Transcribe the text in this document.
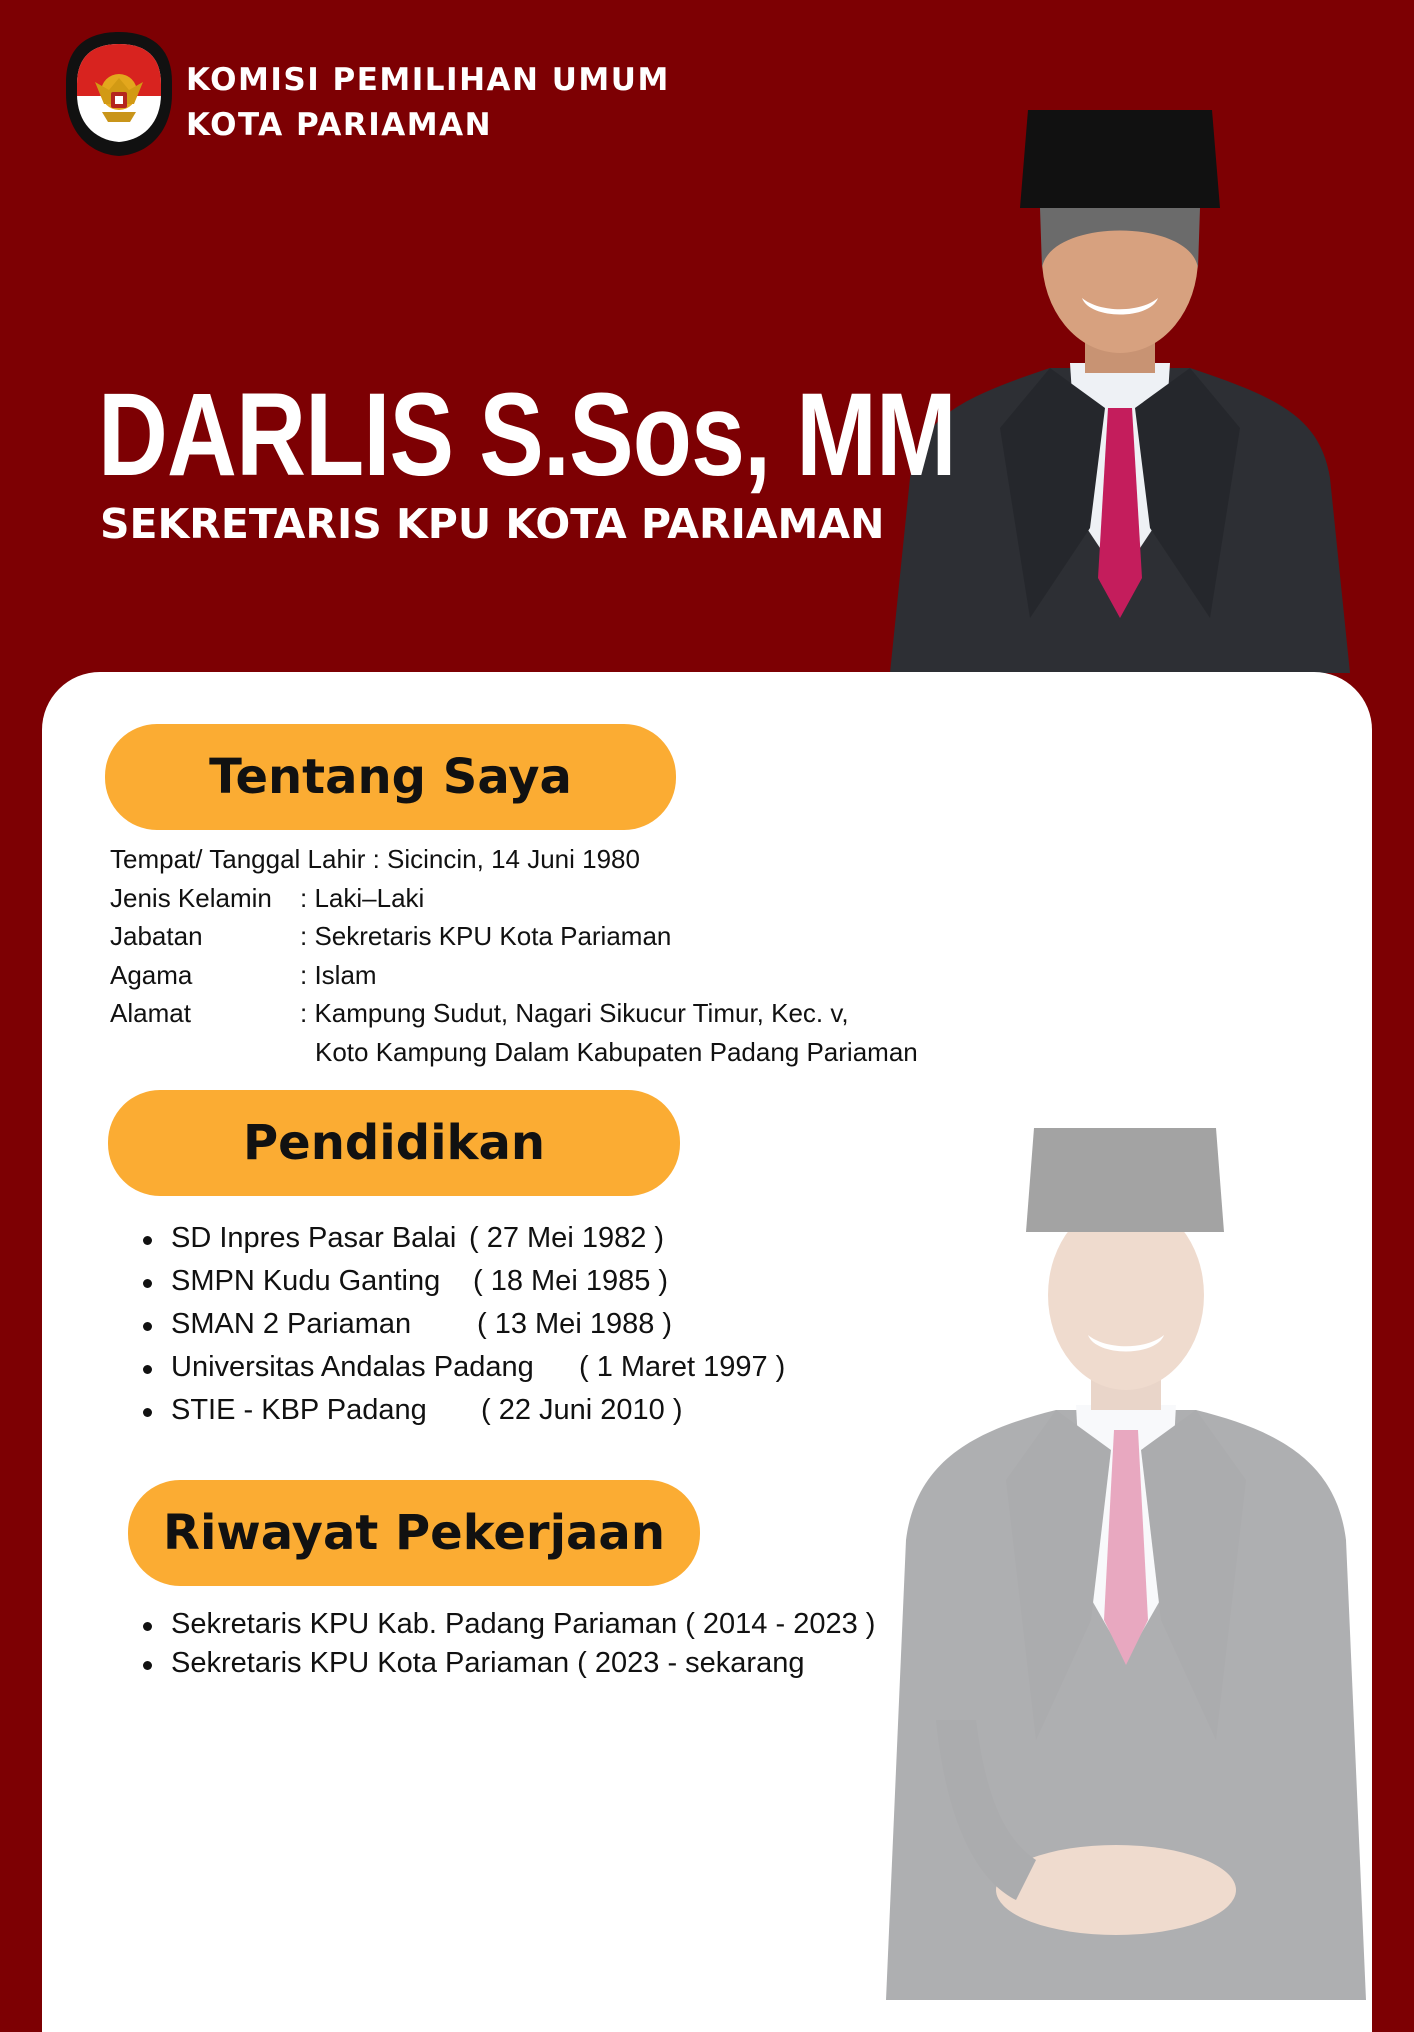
KOMISI PEMILIHAN UMUM
KOTA PARIAMAN
DARLIS S.Sos, MM
SEKRETARIS KPU KOTA PARIAMAN
Tentang Saya
Tempat/ Tanggal Lahir : Sicincin, 14 Juni 1980
Jenis Kelamin : Laki–Laki
Jabatan	: Sekretaris KPU Kota Pariaman
Agama	: Islam
Alamat	: Kampung Sudut, Nagari Sikucur Timur, Kec. v,
Koto Kampung Dalam Kabupaten Padang Pariaman
Pendidikan
SD Inpres Pasar Balai ( 27 Mei 1982 )
SMPN Kudu Ganting ( 18 Mei 1985 )
SMAN 2 Pariaman ( 13 Mei 1988 )
Universitas Andalas Padang ( 1 Maret 1997 )
STIE - KBP Padang ( 22 Juni 2010 )
Riwayat Pekerjaan
Sekretaris KPU Kab. Padang Pariaman ( 2014 - 2023 )
Sekretaris KPU Kota Pariaman ( 2023 - sekarang
